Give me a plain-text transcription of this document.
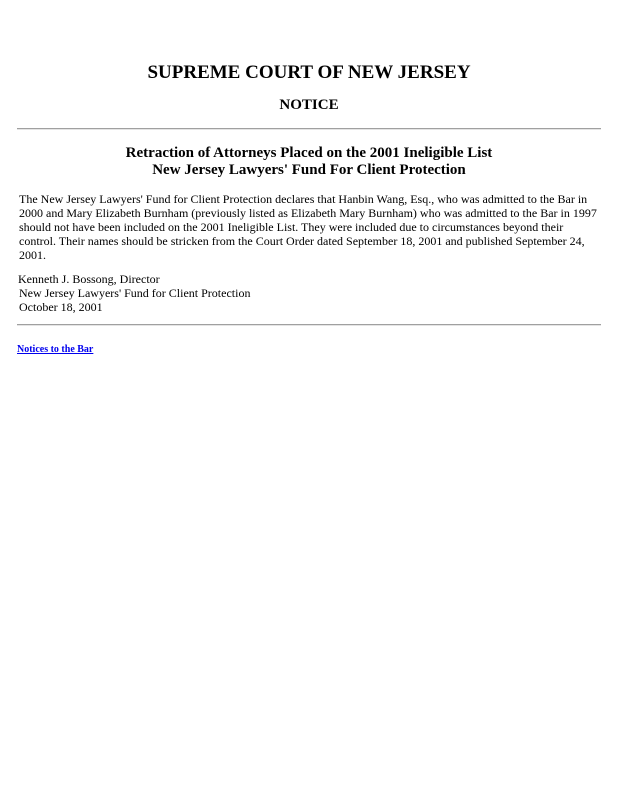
SUPREME COURT OF NEW JERSEY
NOTICE
Retraction of Attorneys Placed on the 2001 Ineligible List
New Jersey Lawyers' Fund For Client Protection

The New Jersey Lawyers' Fund for Client Protection declares that Hanbin Wang, Esq., who was admitted to the Bar in 2000 and Mary Elizabeth Burnham (previously listed as Elizabeth Mary Burnham) who was admitted to the Bar in 1997 should not have been included on the 2001 Ineligible List. They were included due to circumstances beyond their control. Their names should be stricken from the Court Order dated September 18, 2001 and published September 24, 2001.

Kenneth J. Bossong, Director
New Jersey Lawyers' Fund for Client Protection
October 18, 2001
Notices to the Bar
